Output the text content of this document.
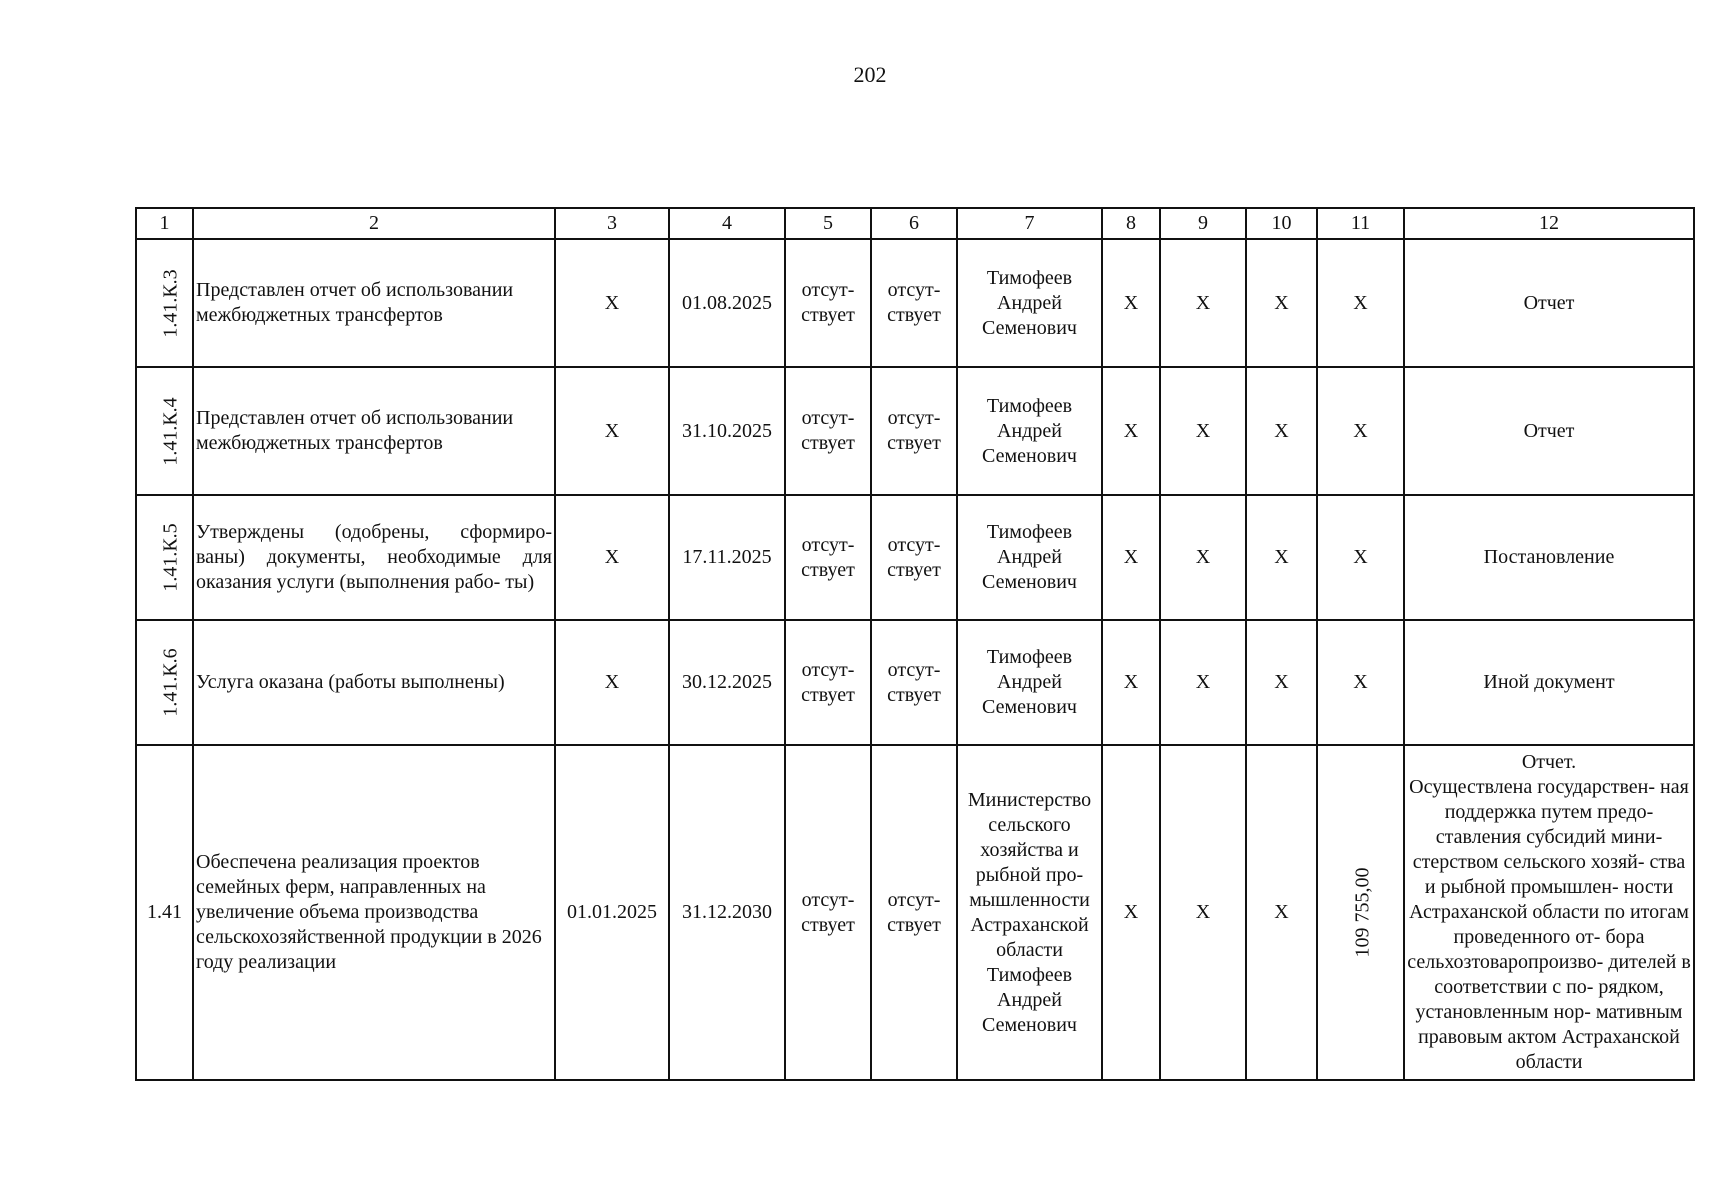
202
1	2	3	4	5	6	7	8	9	10	11	12
1.41.К.3	Представлен отчет об использовании межбюджетных трансфертов	X	01.08.2025	отсут- ствует	отсут- ствует	Тимофеев Андрей Семенович	X	X	X	X	Отчет
1.41.К.4	Представлен отчет об использовании межбюджетных трансфертов	X	31.10.2025	отсут- ствует	отсут- ствует	Тимофеев Андрей Семенович	X	X	X	X	Отчет
1.41.К.5	Утверждены (одобрены, сформиро- ваны) документы, необходимые для оказания услуги (выполнения рабо- ты)	X	17.11.2025	отсут- ствует	отсут- ствует	Тимофеев Андрей Семенович	X	X	X	X	Постановление
1.41.К.6	Услуга оказана (работы выполнены)	X	30.12.2025	отсут- ствует	отсут- ствует	Тимофеев Андрей Семенович	X	X	X	X	Иной документ
1.41	Обеспечена реализация проектов семейных ферм, направленных на увеличение объема производства сельскохозяйственной продукции в 2026 году реализации	01.01.2025	31.12.2030	отсут- ствует	отсут- ствует	Министерство сельского хозяйства и рыбной про- мышленности Астраханской области Тимофеев Андрей Семенович	X	X	X	109 755,00	Отчет.
Осуществлена государствен- ная поддержка путем предо- ставления субсидий мини- стерством сельского хозяй- ства и рыбной промышлен- ности Астраханской области по итогам проведенного от- бора сельхозтоваропроизво- дителей в соответствии с по- рядком, установленным нор- мативным правовым актом Астраханской области
